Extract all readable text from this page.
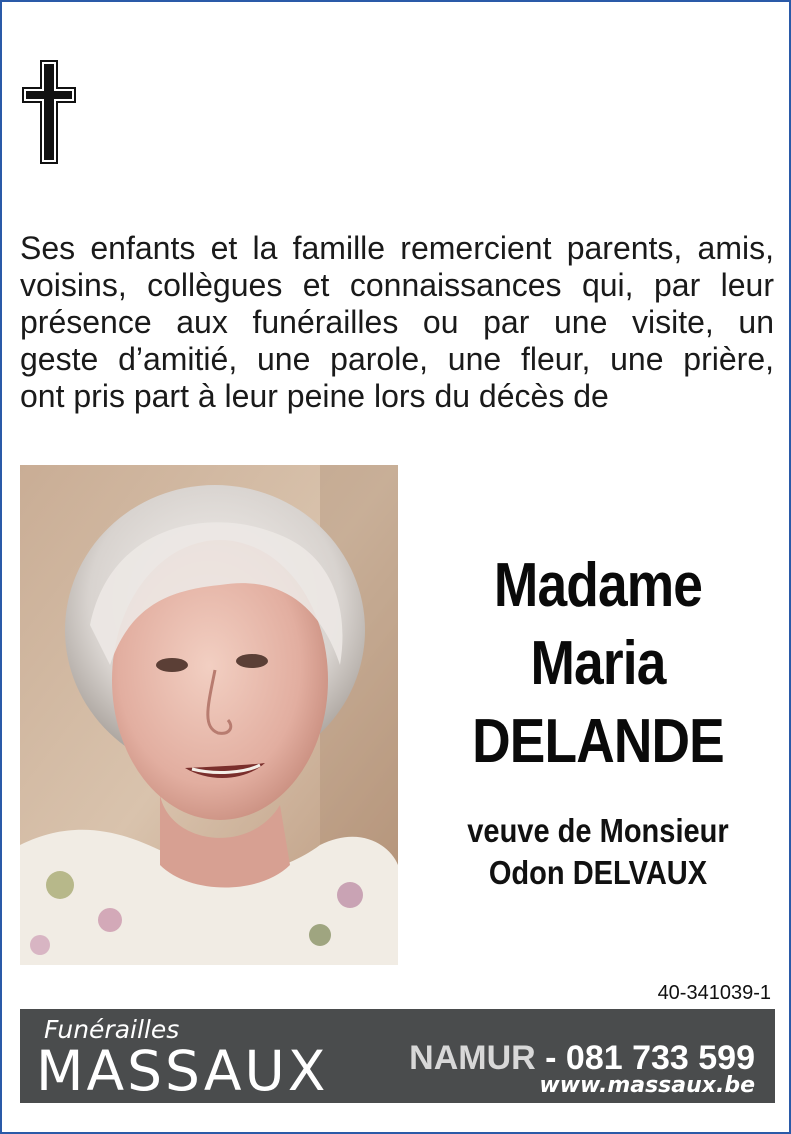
Ses enfants et la famille remercient parents, amis,
voisins, collègues et connaissances qui, par leur
présence aux funérailles ou par une visite, un
geste d’amitié, une parole, une fleur, une prière,
ont pris part à leur peine lors du décès de
Madame
Maria
DELANDE
veuve de Monsieur
Odon DELVAUX
40-341039-1
Funérailles
MASSAUX NAMUR - 081 733 599
www.massaux.be
